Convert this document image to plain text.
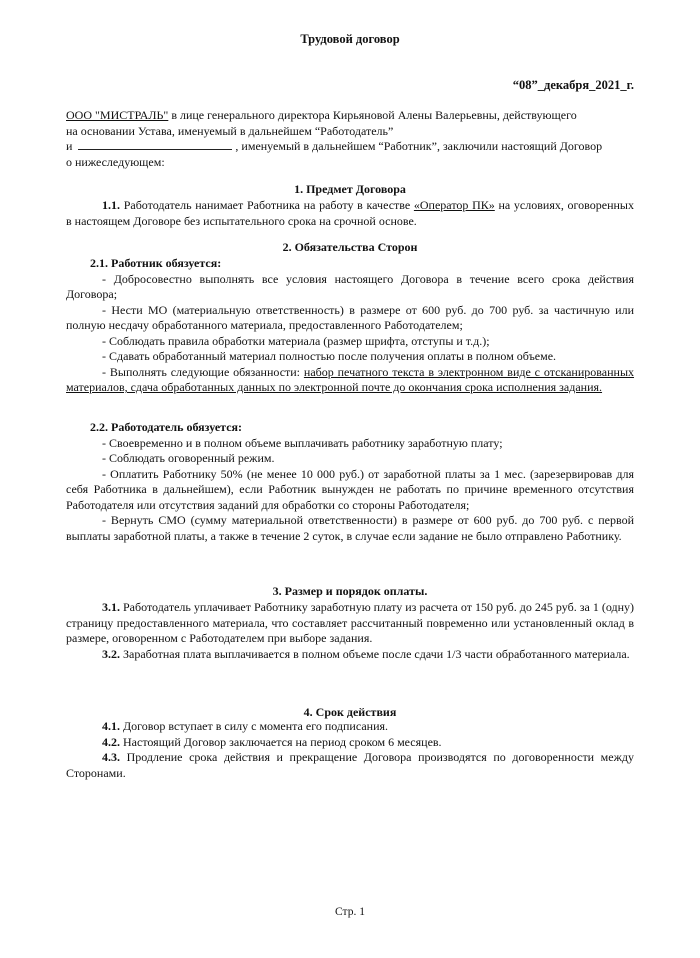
Трудовой договор
“08”_декабря_2021_г.

ООО "МИСТРАЛЬ" в лице генерального директора Кирьяновой Алены Валерьевны, действующего

на основании Устава, именуемый в дальнейшем “Работодатель”

и	, именуемый в дальнейшем “Работник”, заключили настоящий Договор

о нижеследующем:

1. Предмет Договора
1.1. Работодатель нанимает Работника на работу в качестве «Оператор ПК» на условиях, оговоренных в настоящем Договоре без испытательного срока на срочной основе.
2. Обязательства Сторон

2.1. Работник обязуется:

- Добросовестно выполнять все условия настоящего Договора в течение всего срока действия Договора;

- Нести МО (материальную ответственность) в размере от 600 руб. до 700 руб. за частичную или полную несдачу обработанного материала, предоставленного Работодателем;

- Соблюдать правила обработки материала (размер шрифта, отступы и т.д.);

- Сдавать обработанный материал полностью после получения оплаты в полном объеме.

- Выполнять следующие обязанности: набор печатного текста в электронном виде с отсканированных материалов, сдача обработанных данных по электронной почте до окончания срока исполнения задания.

2.2. Работодатель обязуется:

- Своевременно и в полном объеме выплачивать работнику заработную плату;

- Соблюдать оговоренный режим.

- Оплатить Работнику 50% (не менее 10 000 руб.) от заработной платы за 1 мес. (зарезервировав для себя Работника в дальнейшем), если Работник вынужден не работать по причине временного отсутствия Работодателя или отсутствия заданий для обработки со стороны Работодателя;

- Вернуть СМО (сумму материальной ответственности) в размере от 600 руб. до 700 руб. с первой выплаты заработной платы, а также в течение 2 суток, в случае если задание не было отправлено Работнику.

3. Размер и порядок оплаты.

3.1. Работодатель уплачивает Работнику заработную плату из расчета от 150 руб. до 245 руб. за 1 (одну) страницу предоставленного материала, что составляет рассчитанный повременно или установленный оклад в размере, оговоренном с Работодателем при выборе задания.

3.2. Заработная плата выплачивается в полном объеме после сдачи 1/3 части обработанного материала.

4. Срок действия

4.1. Договор вступает в силу с момента его подписания.

4.2. Настоящий Договор заключается на период сроком 6 месяцев.

4.3. Продление срока действия и прекращение Договора производятся по договоренности между Сторонами.

Стр. 1
